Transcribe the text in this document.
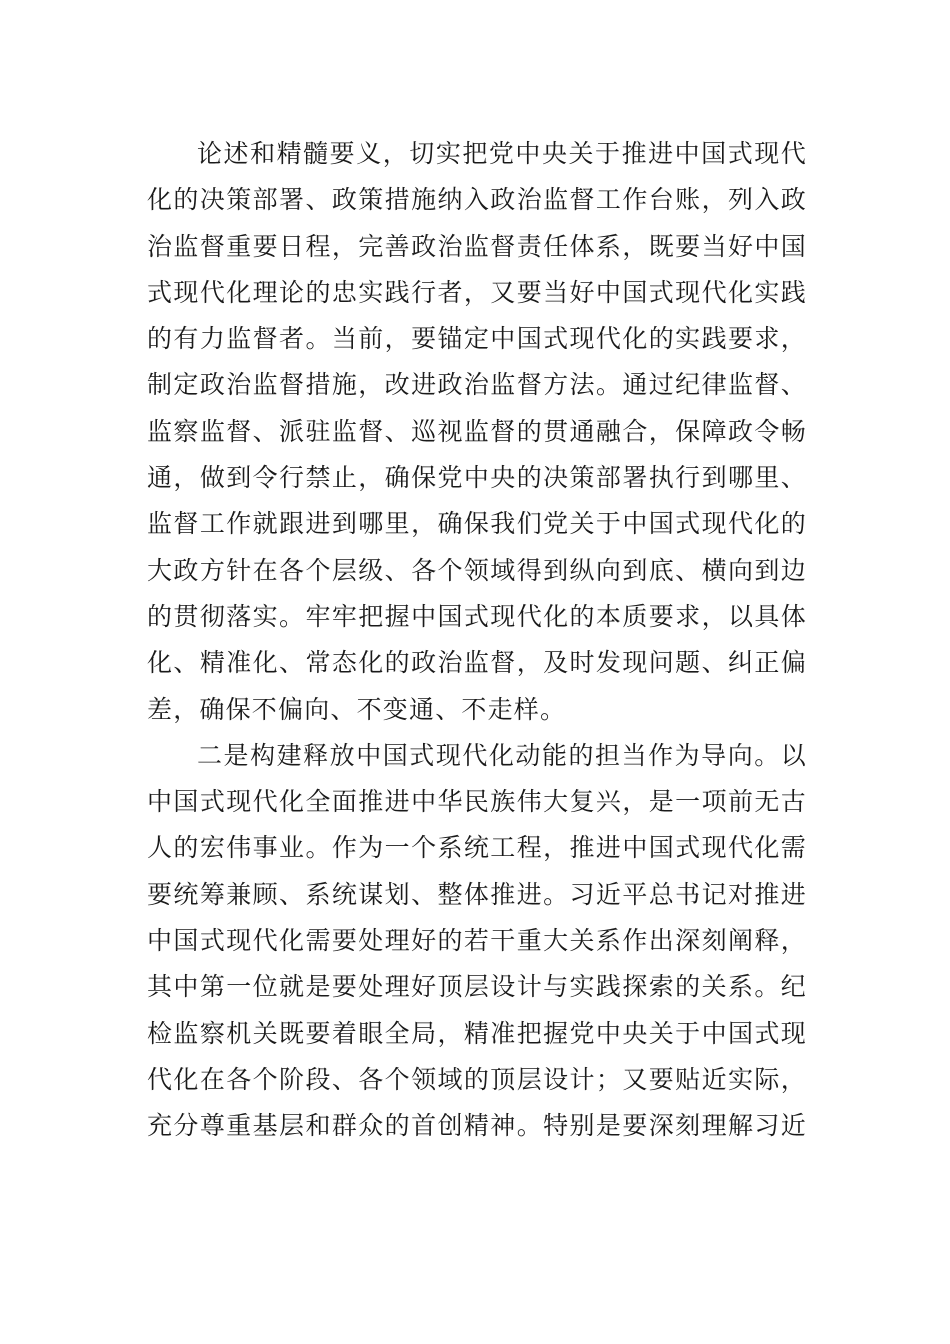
论述和精髓要义，切实把党中央关于推进中国式现代
化的决策部署、政策措施纳入政治监督工作台账，列入政
治监督重要日程，完善政治监督责任体系，既要当好中国
式现代化理论的忠实践行者，又要当好中国式现代化实践
的有力监督者。当前，要锚定中国式现代化的实践要求，
制定政治监督措施，改进政治监督方法。通过纪律监督、
监察监督、派驻监督、巡视监督的贯通融合，保障政令畅
通，做到令行禁止，确保党中央的决策部署执行到哪里、
监督工作就跟进到哪里，确保我们党关于中国式现代化的
大政方针在各个层级、各个领域得到纵向到底、横向到边
的贯彻落实。牢牢把握中国式现代化的本质要求，以具体
化、精准化、常态化的政治监督，及时发现问题、纠正偏
差，确保不偏向、不变通、不走样。
二是构建释放中国式现代化动能的担当作为导向。以
中国式现代化全面推进中华民族伟大复兴，是一项前无古
人的宏伟事业。作为一个系统工程，推进中国式现代化需
要统筹兼顾、系统谋划、整体推进。习近平总书记对推进
中国式现代化需要处理好的若干重大关系作出深刻阐释，
其中第一位就是要处理好顶层设计与实践探索的关系。纪
检监察机关既要着眼全局，精准把握党中央关于中国式现
代化在各个阶段、各个领域的顶层设计；又要贴近实际，
充分尊重基层和群众的首创精神。特别是要深刻理解习近
